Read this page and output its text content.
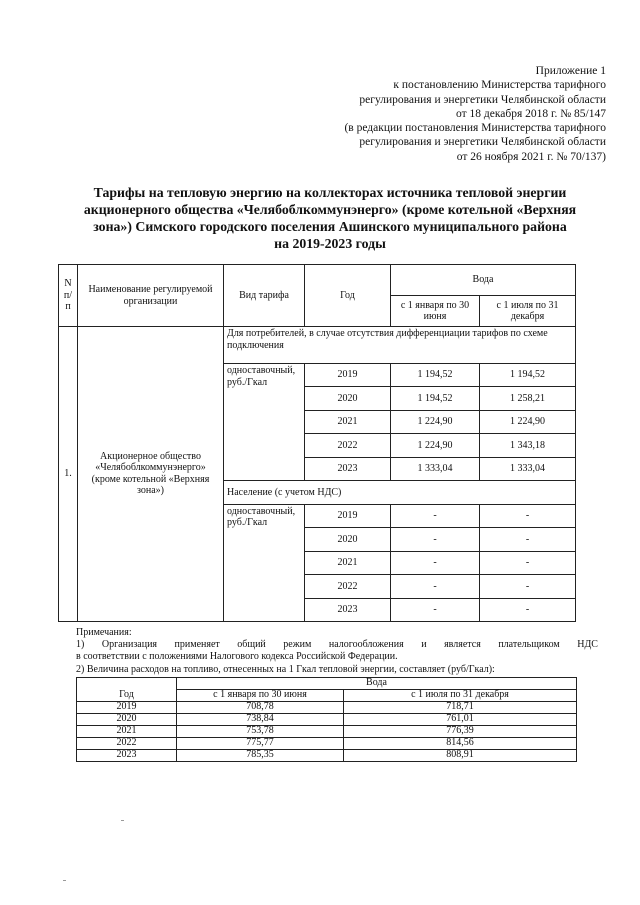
Приложение 1
к постановлению Министерства тарифного
регулирования и энергетики Челябинской области
от 18 декабря 2018 г. № 85/147
(в редакции постановления Министерства тарифного
регулирования и энергетики Челябинской области
от 26 ноября 2021 г. № 70/137)
Тарифы на тепловую энергию на коллекторах источника тепловой энергии
акционерного общества «Челябоблкоммунэнерго» (кроме котельной «Верхняя
зона») Симского городского поселения Ашинского муниципального района
на 2019-2023 годы
N п/п	Наименование регулируемой организации	Вид тарифа	Год	Вода	
				с 1 января по 30 июня	с 1 июля по 31 декабря
1.	Акционерное общество «Челябоблкоммунэнерго» (кроме котельной «Верхняя зона»)	Для потребителей, в случае отсутствия дифференциации тарифов по схеме подключения			
		одноставочный, руб./Гкал	2019	1 194,52	1 194,52
			2020	1 194,52	1 258,21
			2021	1 224,90	1 224,90
			2022	1 224,90	1 343,18
			2023	1 333,04	1 333,04
		Население (с учетом НДС)			
		одноставочный, руб./Гкал	2019	-	-
			2020	-	-
			2021	-	-
			2022	-	-
			2023	-	-
Примечания:
1) Организация применяет общий режим налогообложения и является плательщиком НДС
в соответствии с положениями Налогового кодекса Российской Федерации.
2) Величина расходов на топливо, отнесенных на 1 Гкал тепловой энергии, составляет (руб/Гкал):
Год	Вода	
	с 1 января по 30 июня	с 1 июля по 31 декабря
2019	708,78	718,71
2020	738,84	761,01
2021	753,78	776,39
2022	775,77	814,56
2023	785,35	808,91
